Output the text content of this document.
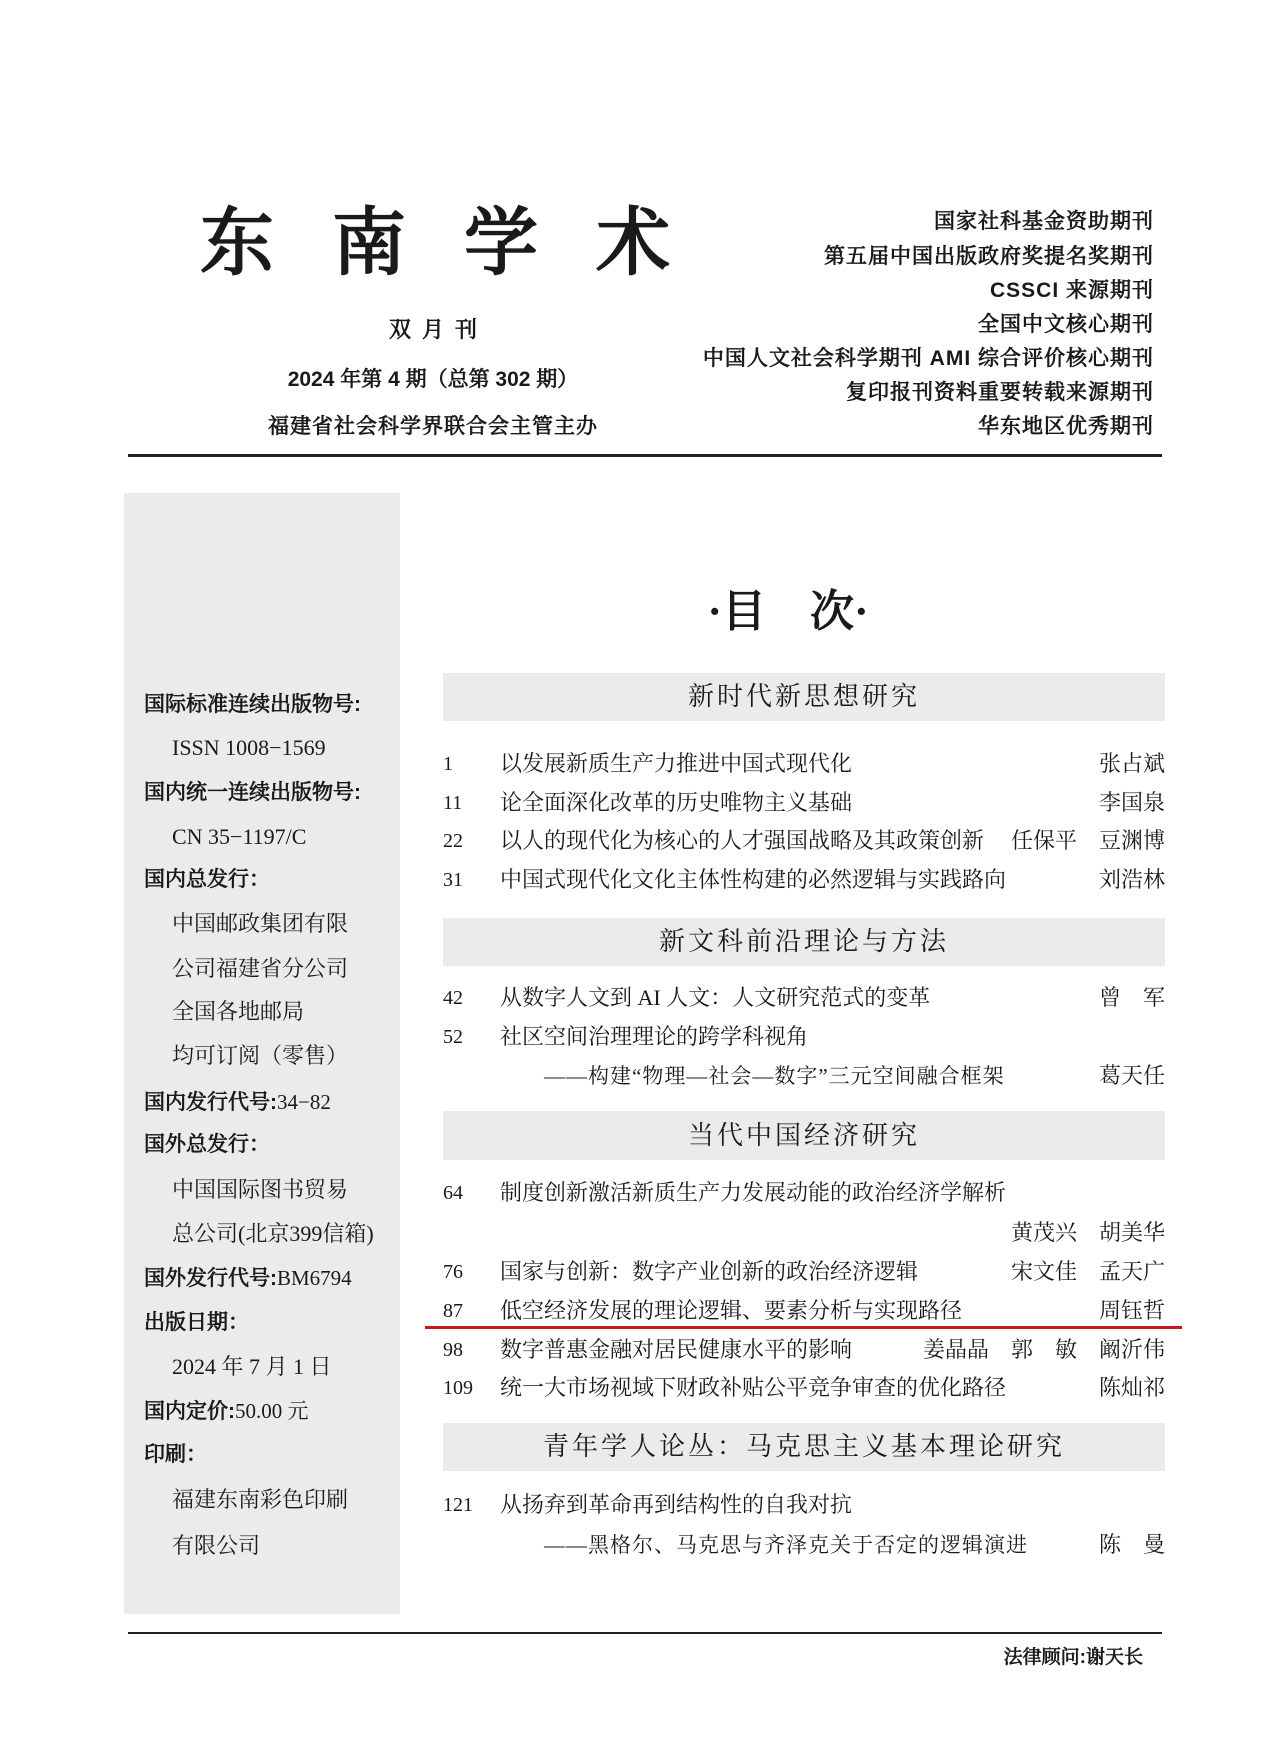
东南学术
双月刊
2024 年第 4 期（总第 302 期）
福建省社会科学界联合会主管主办
国家社科基金资助期刊
第五届中国出版政府奖提名奖期刊
CSSCI 来源期刊
全国中文核心期刊
中国人文社会科学期刊 AMI 综合评价核心期刊
复印报刊资料重要转载来源期刊
华东地区优秀期刊
国际标准连续出版物号:
ISSN 1008−1569
国内统一连续出版物号:
CN 35−1197/C
国内总发行：
中国邮政集团有限
公司福建省分公司
全国各地邮局
均可订阅（零售）
国内发行代号:34−82
国外总发行：
中国国际图书贸易
总公司(北京399信箱)
国外发行代号:BM6794
出版日期：
2024 年 7 月 1 日
国内定价:50.00 元
印刷：
福建东南彩色印刷
有限公司
·目　次·
新时代新思想研究
1 以发展新质生产力推进中国式现代化	张占斌
11 论全面深化改革的历史唯物主义基础	李国泉
22 以人的现代化为核心的人才强国战略及其政策创新 任保平　豆渊博
31 中国式现代化文化主体性构建的必然逻辑与实践路向	刘浩林
新文科前沿理论与方法
42 从数字人文到 AI 人文：人文研究范式的变革	曾　军
52 社区空间治理理论的跨学科视角
——构建“物理—社会—数字”三元空间融合框架	葛天任
当代中国经济研究
64 制度创新激活新质生产力发展动能的政治经济学解析
黄茂兴　胡美华
76 国家与创新：数字产业创新的政治经济逻辑	宋文佳　孟天广
87 低空经济发展的理论逻辑、要素分析与实现路径	周钰哲
98 数字普惠金融对居民健康水平的影响	姜晶晶　郭　敏　阚沂伟
109 统一大市场视域下财政补贴公平竞争审查的优化路径	陈灿祁
青年学人论丛：马克思主义基本理论研究
121 从扬弃到革命再到结构性的自我对抗
——黑格尔、马克思与齐泽克关于否定的逻辑演进	陈　曼
法律顾问:谢天长
